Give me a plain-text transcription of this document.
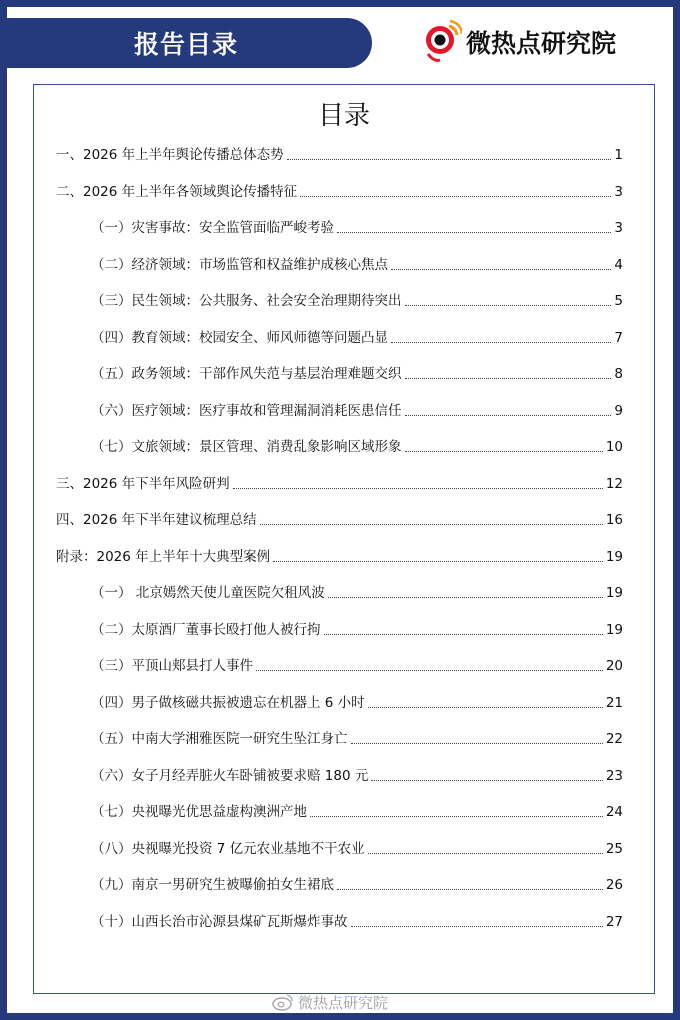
报告目录	微热点研究院
目录
一、2026 年上半年舆论传播总体态势	1
二、2026 年上半年各领域舆论传播特征	3
（一）灾害事故：安全监管面临严峻考验	3
（二）经济领域：市场监管和权益维护成核心焦点	4
（三）民生领域：公共服务、社会安全治理期待突出	5
（四）教育领域：校园安全、师风师德等问题凸显	7
（五）政务领域：干部作风失范与基层治理难题交织	8
（六）医疗领域：医疗事故和管理漏洞消耗医患信任	9
（七）文旅领域：景区管理、消费乱象影响区域形象	10
三、2026 年下半年风险研判	12
四、2026 年下半年建议梳理总结	16
附录：2026 年上半年十大典型案例	19
（一） 北京嫣然天使儿童医院欠租风波	19
（二）太原酒厂董事长殴打他人被行拘	19
（三）平顶山郏县打人事件	20
（四）男子做核磁共振被遗忘在机器上 6 小时	21
（五）中南大学湘雅医院一研究生坠江身亡	22
（六）女子月经弄脏火车卧铺被要求赔 180 元	23
（七）央视曝光优思益虚构澳洲产地	24
（八）央视曝光投资 7 亿元农业基地不干农业	25
（九）南京一男研究生被曝偷拍女生裙底	26
（十）山西长治市沁源县煤矿瓦斯爆炸事故	27
微热点研究院
